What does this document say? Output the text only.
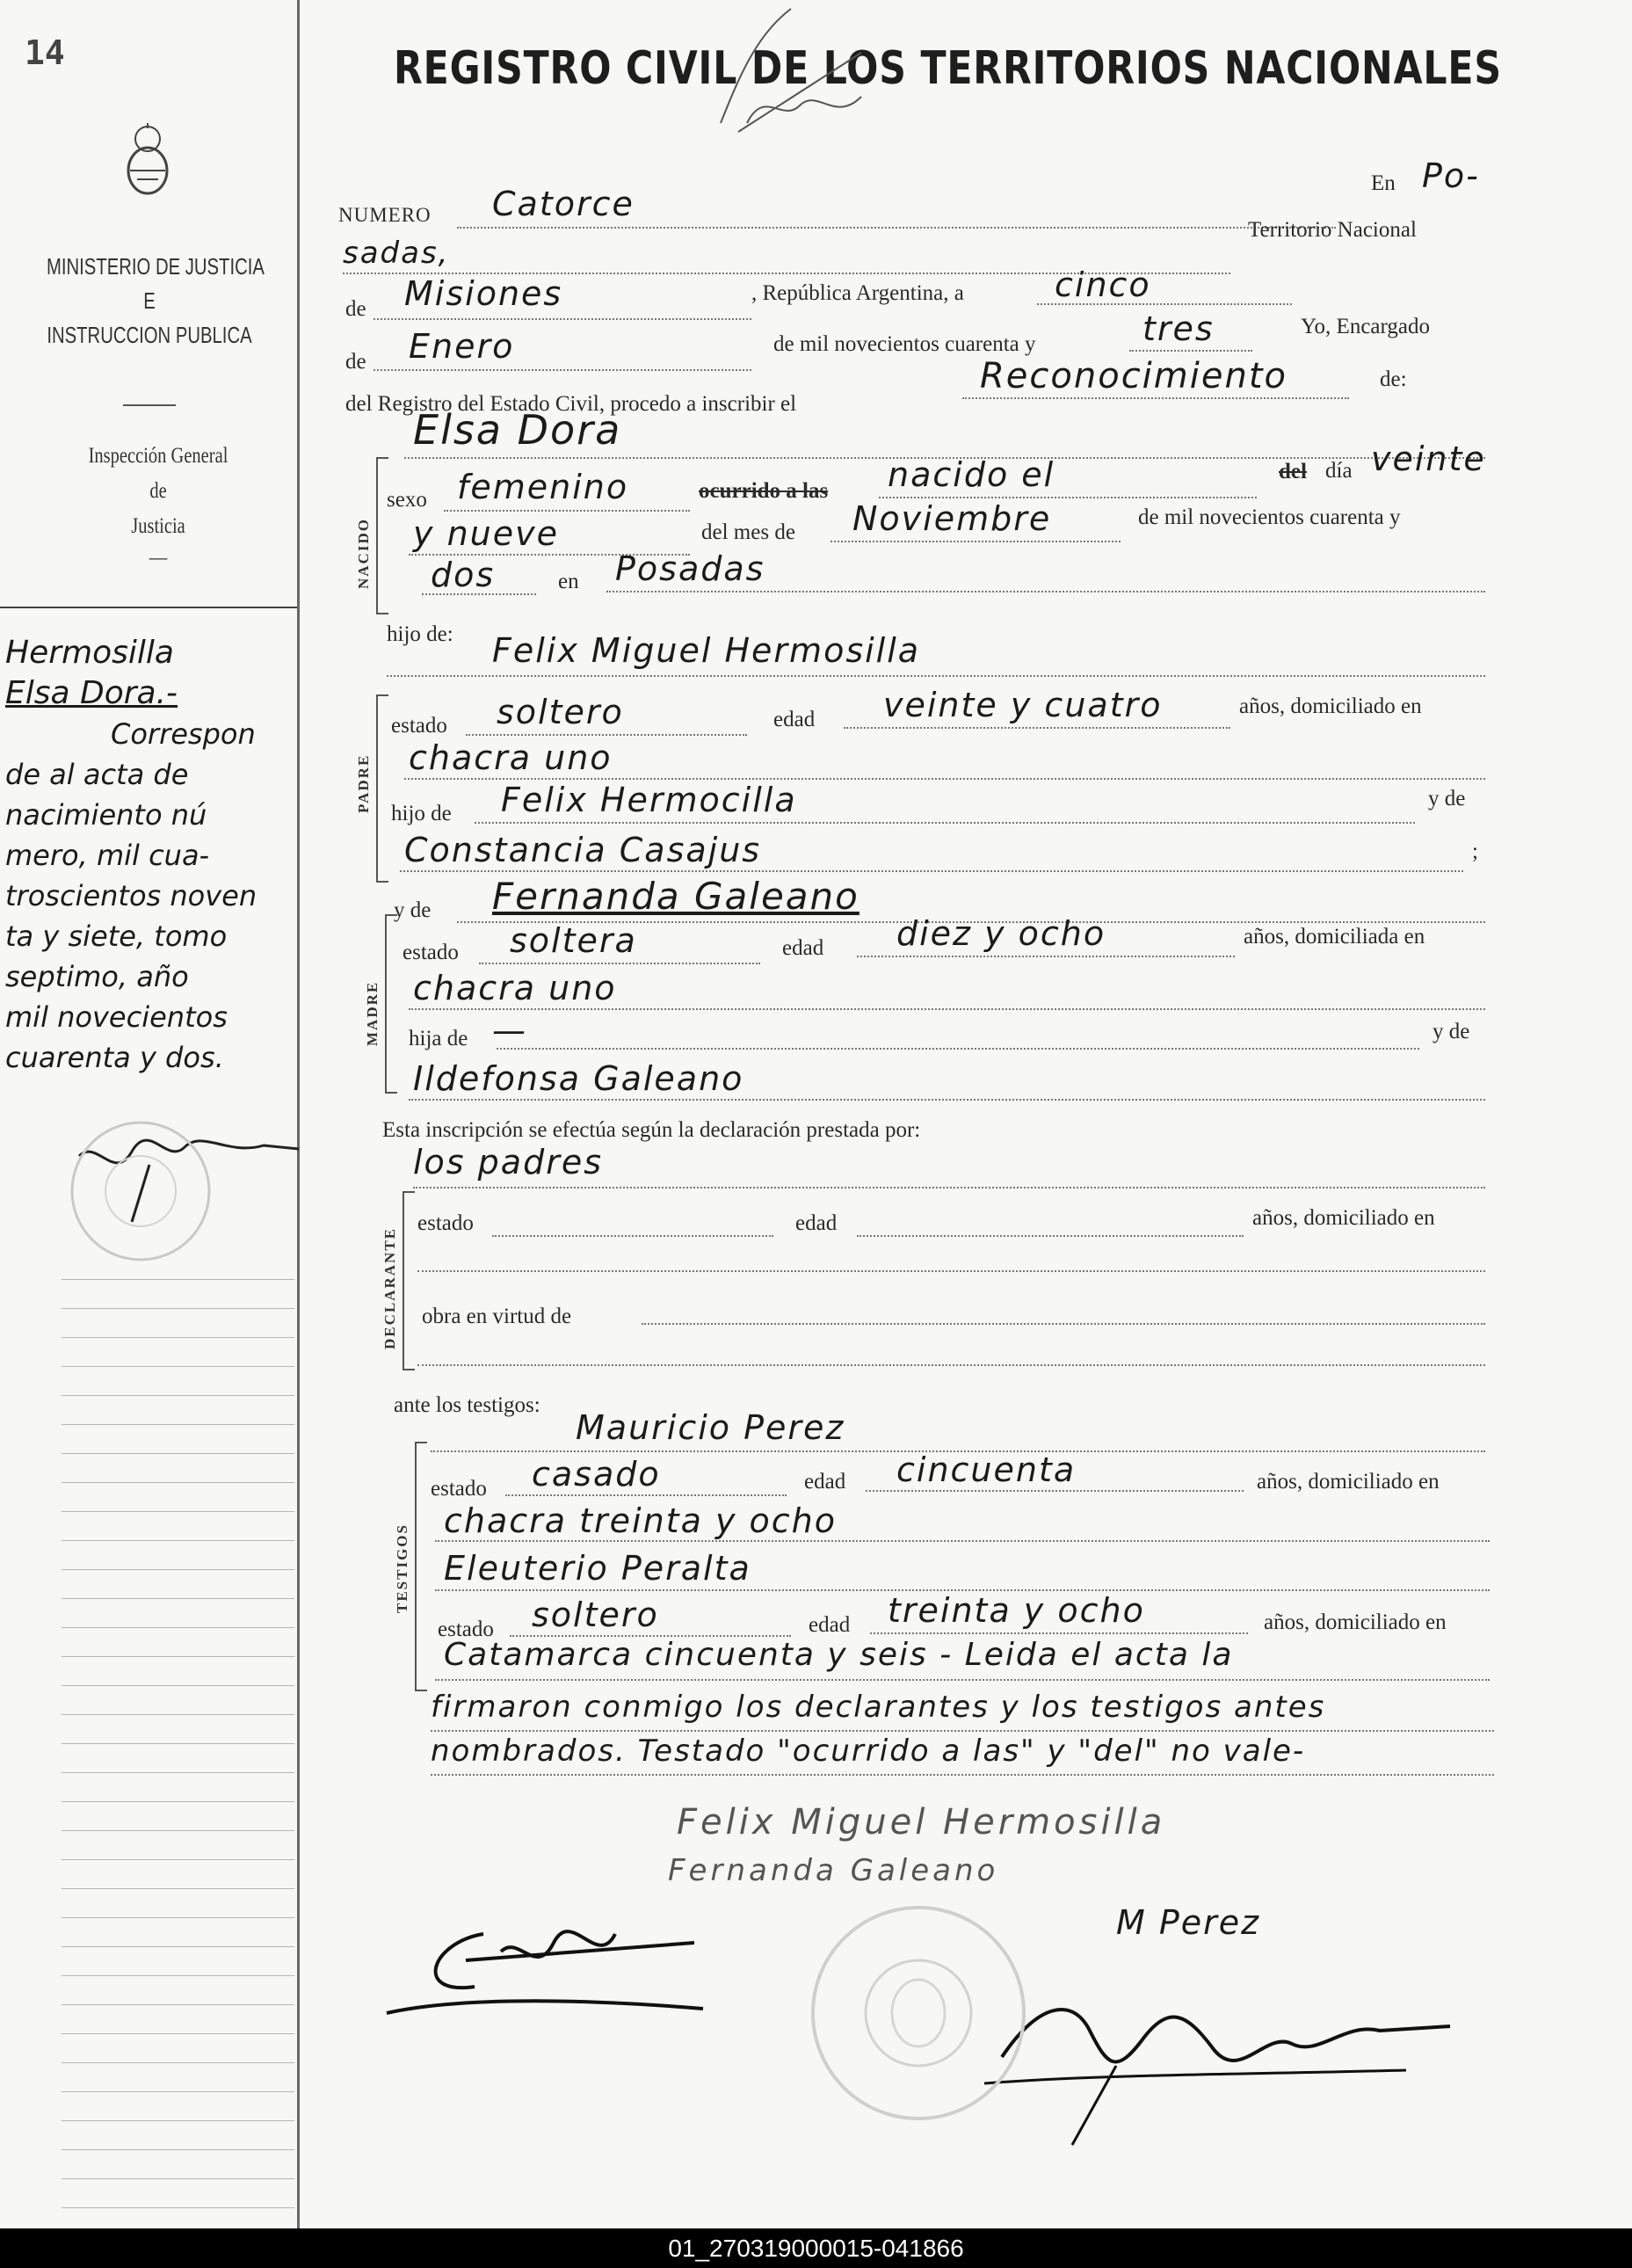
14
MINISTERIO DE JUSTICIA
E
INSTRUCCION PUBLICA
Inspección General
de
Justicia
—
Hermosilla
Elsa Dora.-
Correspon
de al acta de
nacimiento nú
mero, mil cua-
troscientos noven
ta y siete, tomo
septimo, año
mil novecientos
cuarenta y dos.
REGISTRO CIVIL DE LOS TERRITORIOS NACIONALES
NUMERO Catorce
En Po-
sadas,
Territorio Nacional
de Misiones	, República Argentina, a	cinco
de Enero	de mil novecientos cuarenta y	tres	Yo, Encargado
del Registro del Estado Civil, procedo a inscribir el
Reconocimiento	de:
Elsa Dora
NACIDO
sexo femenino	ocurrido a las nacido el	del día veinte
y nueve	del mes de Noviembre	de mil novecientos cuarenta y
dos	en Posadas
hijo de: Felix Miguel Hermosilla
PADRE
estado soltero	edad veinte y cuatro	años, domiciliado en
chacra uno
hijo de Felix Hermocilla	y de
Constancia Casajus	;
y de Fernanda Galeano
MADRE
estado soltera	edad diez y ocho	años, domiciliada en
chacra uno
hija de —	y de
Ildefonsa Galeano
Esta inscripción se efectúa según la declaración prestada por:
los padres
DECLARANTE
estado	edad	años, domiciliado en
obra en virtud de
ante los testigos:
Mauricio Perez
TESTIGOS
estado casado	edad cincuenta	años, domiciliado en
chacra treinta y ocho
Eleuterio Peralta
estado soltero	edad treinta y ocho	años, domiciliado en
Catamarca cincuenta y seis - Leida el acta la
firmaron conmigo los declarantes y los testigos antes
nombrados. Testado "ocurrido a las" y "del" no vale-
Felix Miguel Hermosilla
Fernanda Galeano
M Perez
01_270319000015-041866
